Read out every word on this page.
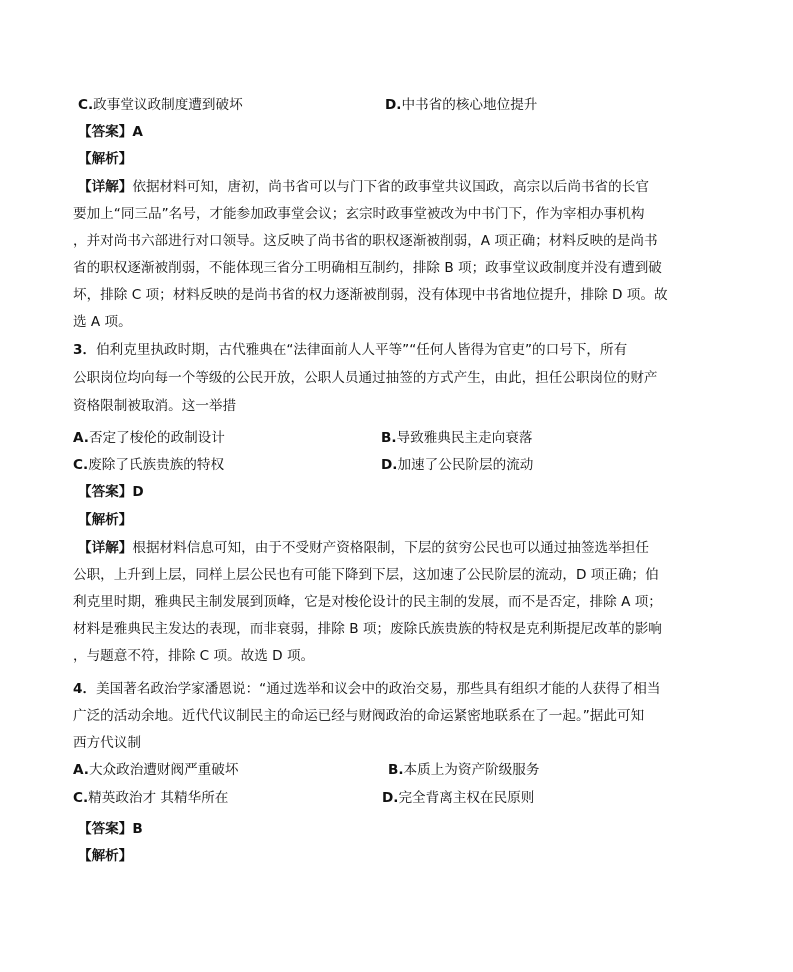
C.政事堂议政制度遭到破坏	D.中书省的核心地位提升
【答案】A
【解析】
【详解】依据材料可知，唐初，尚书省可以与门下省的政事堂共议国政，高宗以后尚书省的长官
要加上“同三品”名号，才能参加政事堂会议；玄宗时政事堂被改为中书门下，作为宰相办事机构
，并对尚书六部进行对口领导。这反映了尚书省的职权逐渐被削弱，A 项正确；材料反映的是尚书
省的职权逐渐被削弱，不能体现三省分工明确相互制约，排除 B 项；政事堂议政制度并没有遭到破
坏，排除 C 项；材料反映的是尚书省的权力逐渐被削弱，没有体现中书省地位提升，排除 D 项。故
选 A 项。
3．伯利克里执政时期，古代雅典在“法律面前人人平等”“任何人皆得为官吏”的口号下，所有
公职岗位均向每一个等级的公民开放，公职人员通过抽签的方式产生，由此，担任公职岗位的财产
资格限制被取消。这一举措
A.否定了梭伦的政制设计	B.导致雅典民主走向衰落
C.废除了氏族贵族的特权	D.加速了公民阶层的流动
【答案】D
【解析】
【详解】根据材料信息可知，由于不受财产资格限制，下层的贫穷公民也可以通过抽签选举担任
公职，上升到上层，同样上层公民也有可能下降到下层，这加速了公民阶层的流动，D 项正确；伯
利克里时期，雅典民主制发展到顶峰，它是对梭伦设计的民主制的发展，而不是否定，排除 A 项；
材料是雅典民主发达的表现，而非衰弱，排除 B 项；废除氏族贵族的特权是克利斯提尼改革的影响
，与题意不符，排除 C 项。故选 D 项。
4．美国著名政治学家潘恩说：“通过选举和议会中的政治交易，那些具有组织才能的人获得了相当
广泛的活动余地。近代代议制民主的命运已经与财阀政治的命运紧密地联系在了一起。”据此可知
西方代议制
A.大众政治遭财阀严重破坏	B.本质上为资产阶级服务
C.精英政治才 其精华所在	D.完全背离主权在民原则
【答案】B
【解析】
